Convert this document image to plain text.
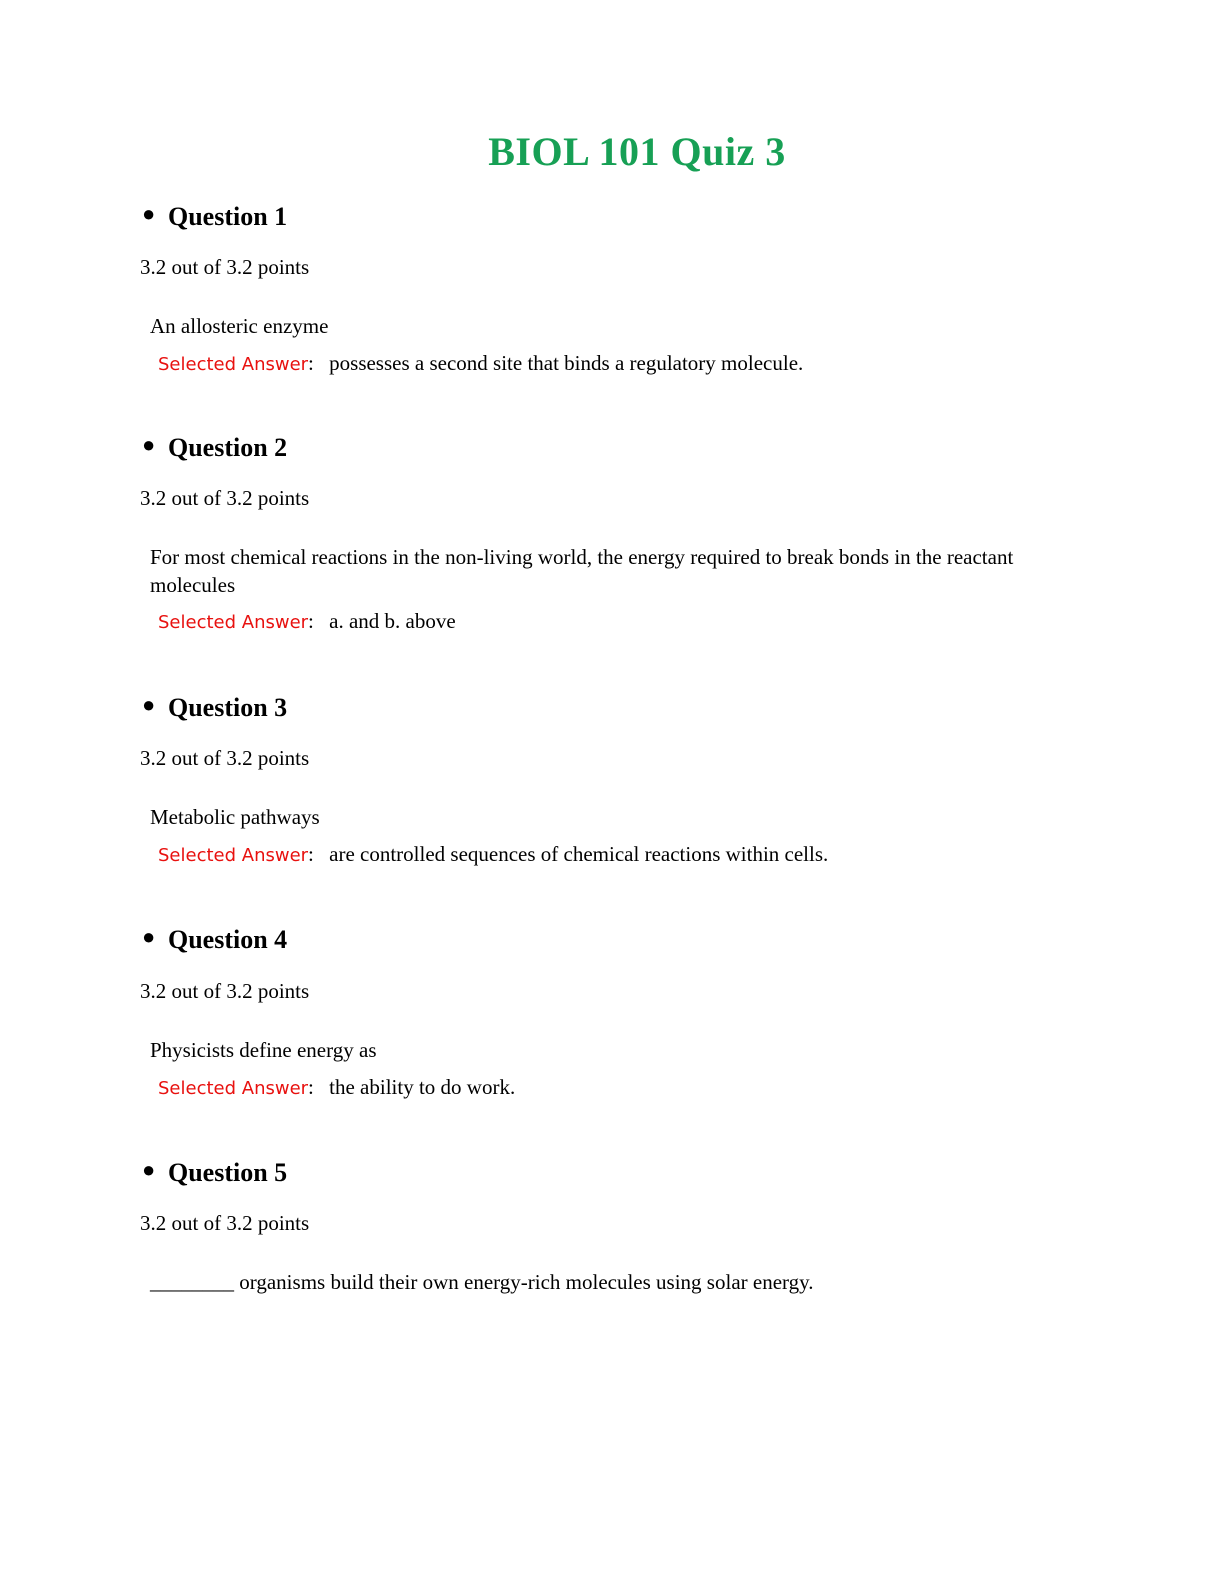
BIOL 101 Quiz 3
● Question 1
3.2 out of 3.2 points
An allosteric enzyme
Selected Answer: possesses a second site that binds a regulatory molecule.
● Question 2
3.2 out of 3.2 points
For most chemical reactions in the non-living world, the energy required to break bonds in the reactant molecules
Selected Answer: a. and b. above
● Question 3
3.2 out of 3.2 points
Metabolic pathways
Selected Answer: are controlled sequences of chemical reactions within cells.
● Question 4
3.2 out of 3.2 points
Physicists define energy as
Selected Answer: the ability to do work.
● Question 5
3.2 out of 3.2 points
________ organisms build their own energy-rich molecules using solar energy.
